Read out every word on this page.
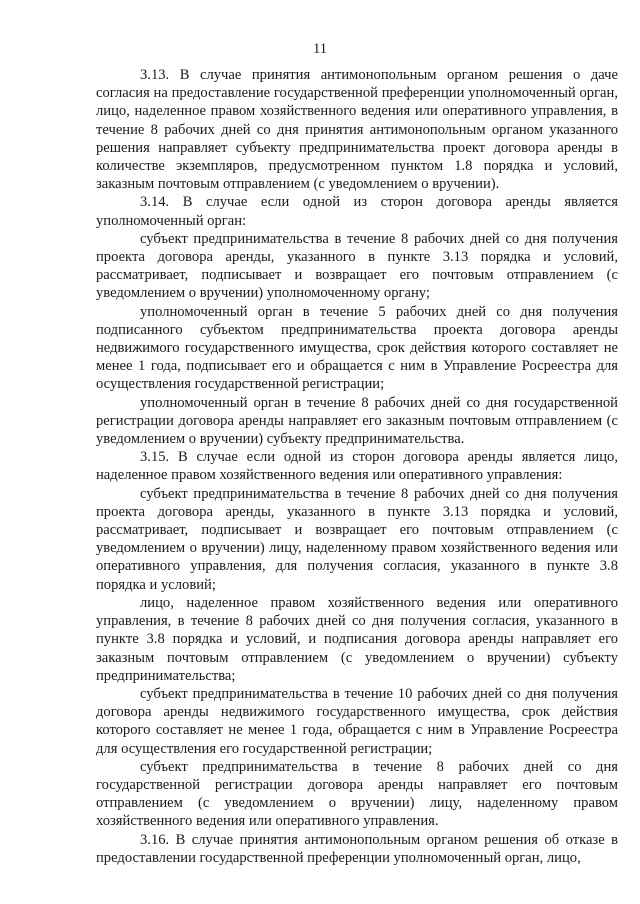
11

3.13. В случае принятия антимонопольным органом решения о даче согласия на предоставление государственной преференции уполномоченный орган, лицо, наделенное правом хозяйственного ведения или оперативного управления, в течение 8 рабочих дней со дня принятия антимонопольным органом указанного решения направляет субъекту предпринимательства проект договора аренды в количестве экземпляров, предусмотренном пунктом 1.8 порядка и условий, заказным почтовым отправлением (с уведомлением о вручении).

3.14. В случае если одной из сторон договора аренды является уполномоченный орган:

субъект предпринимательства в течение 8 рабочих дней со дня получения проекта договора аренды, указанного в пункте 3.13 порядка и условий, рассматривает, подписывает и возвращает его почтовым отправлением (с уведомлением о вручении) уполномоченному органу;

уполномоченный орган в течение 5 рабочих дней со дня получения подписанного субъектом предпринимательства проекта договора аренды недвижимого государственного имущества, срок действия которого составляет не менее 1 года, подписывает его и обращается с ним в Управление Росреестра для осуществления государственной регистрации;

уполномоченный орган в течение 8 рабочих дней со дня государственной регистрации договора аренды направляет его заказным почтовым отправлением (с уведомлением о вручении) субъекту предпринимательства.

3.15. В случае если одной из сторон договора аренды является лицо, наделенное правом хозяйственного ведения или оперативного управления:

субъект предпринимательства в течение 8 рабочих дней со дня получения проекта договора аренды, указанного в пункте 3.13 порядка и условий, рассматривает, подписывает и возвращает его почтовым отправлением (с уведомлением о вручении) лицу, наделенному правом хозяйственного ведения или оперативного управления, для получения согласия, указанного в пункте 3.8 порядка и условий;

лицо, наделенное правом хозяйственного ведения или оперативного управления, в течение 8 рабочих дней со дня получения согласия, указанного в пункте 3.8 порядка и условий, и подписания договора аренды направляет его заказным почтовым отправлением (с уведомлением о вручении) субъекту предпринимательства;

субъект предпринимательства в течение 10 рабочих дней со дня получения договора аренды недвижимого государственного имущества, срок действия которого составляет не менее 1 года, обращается с ним в Управление Росреестра для осуществления его государственной регистрации;

субъект предпринимательства в течение 8 рабочих дней со дня государственной регистрации договора аренды направляет его почтовым отправлением (с уведомлением о вручении) лицу, наделенному правом хозяйственного ведения или оперативного управления.

3.16. В случае принятия антимонопольным органом решения об отказе в предоставлении государственной преференции уполномоченный орган, лицо,
